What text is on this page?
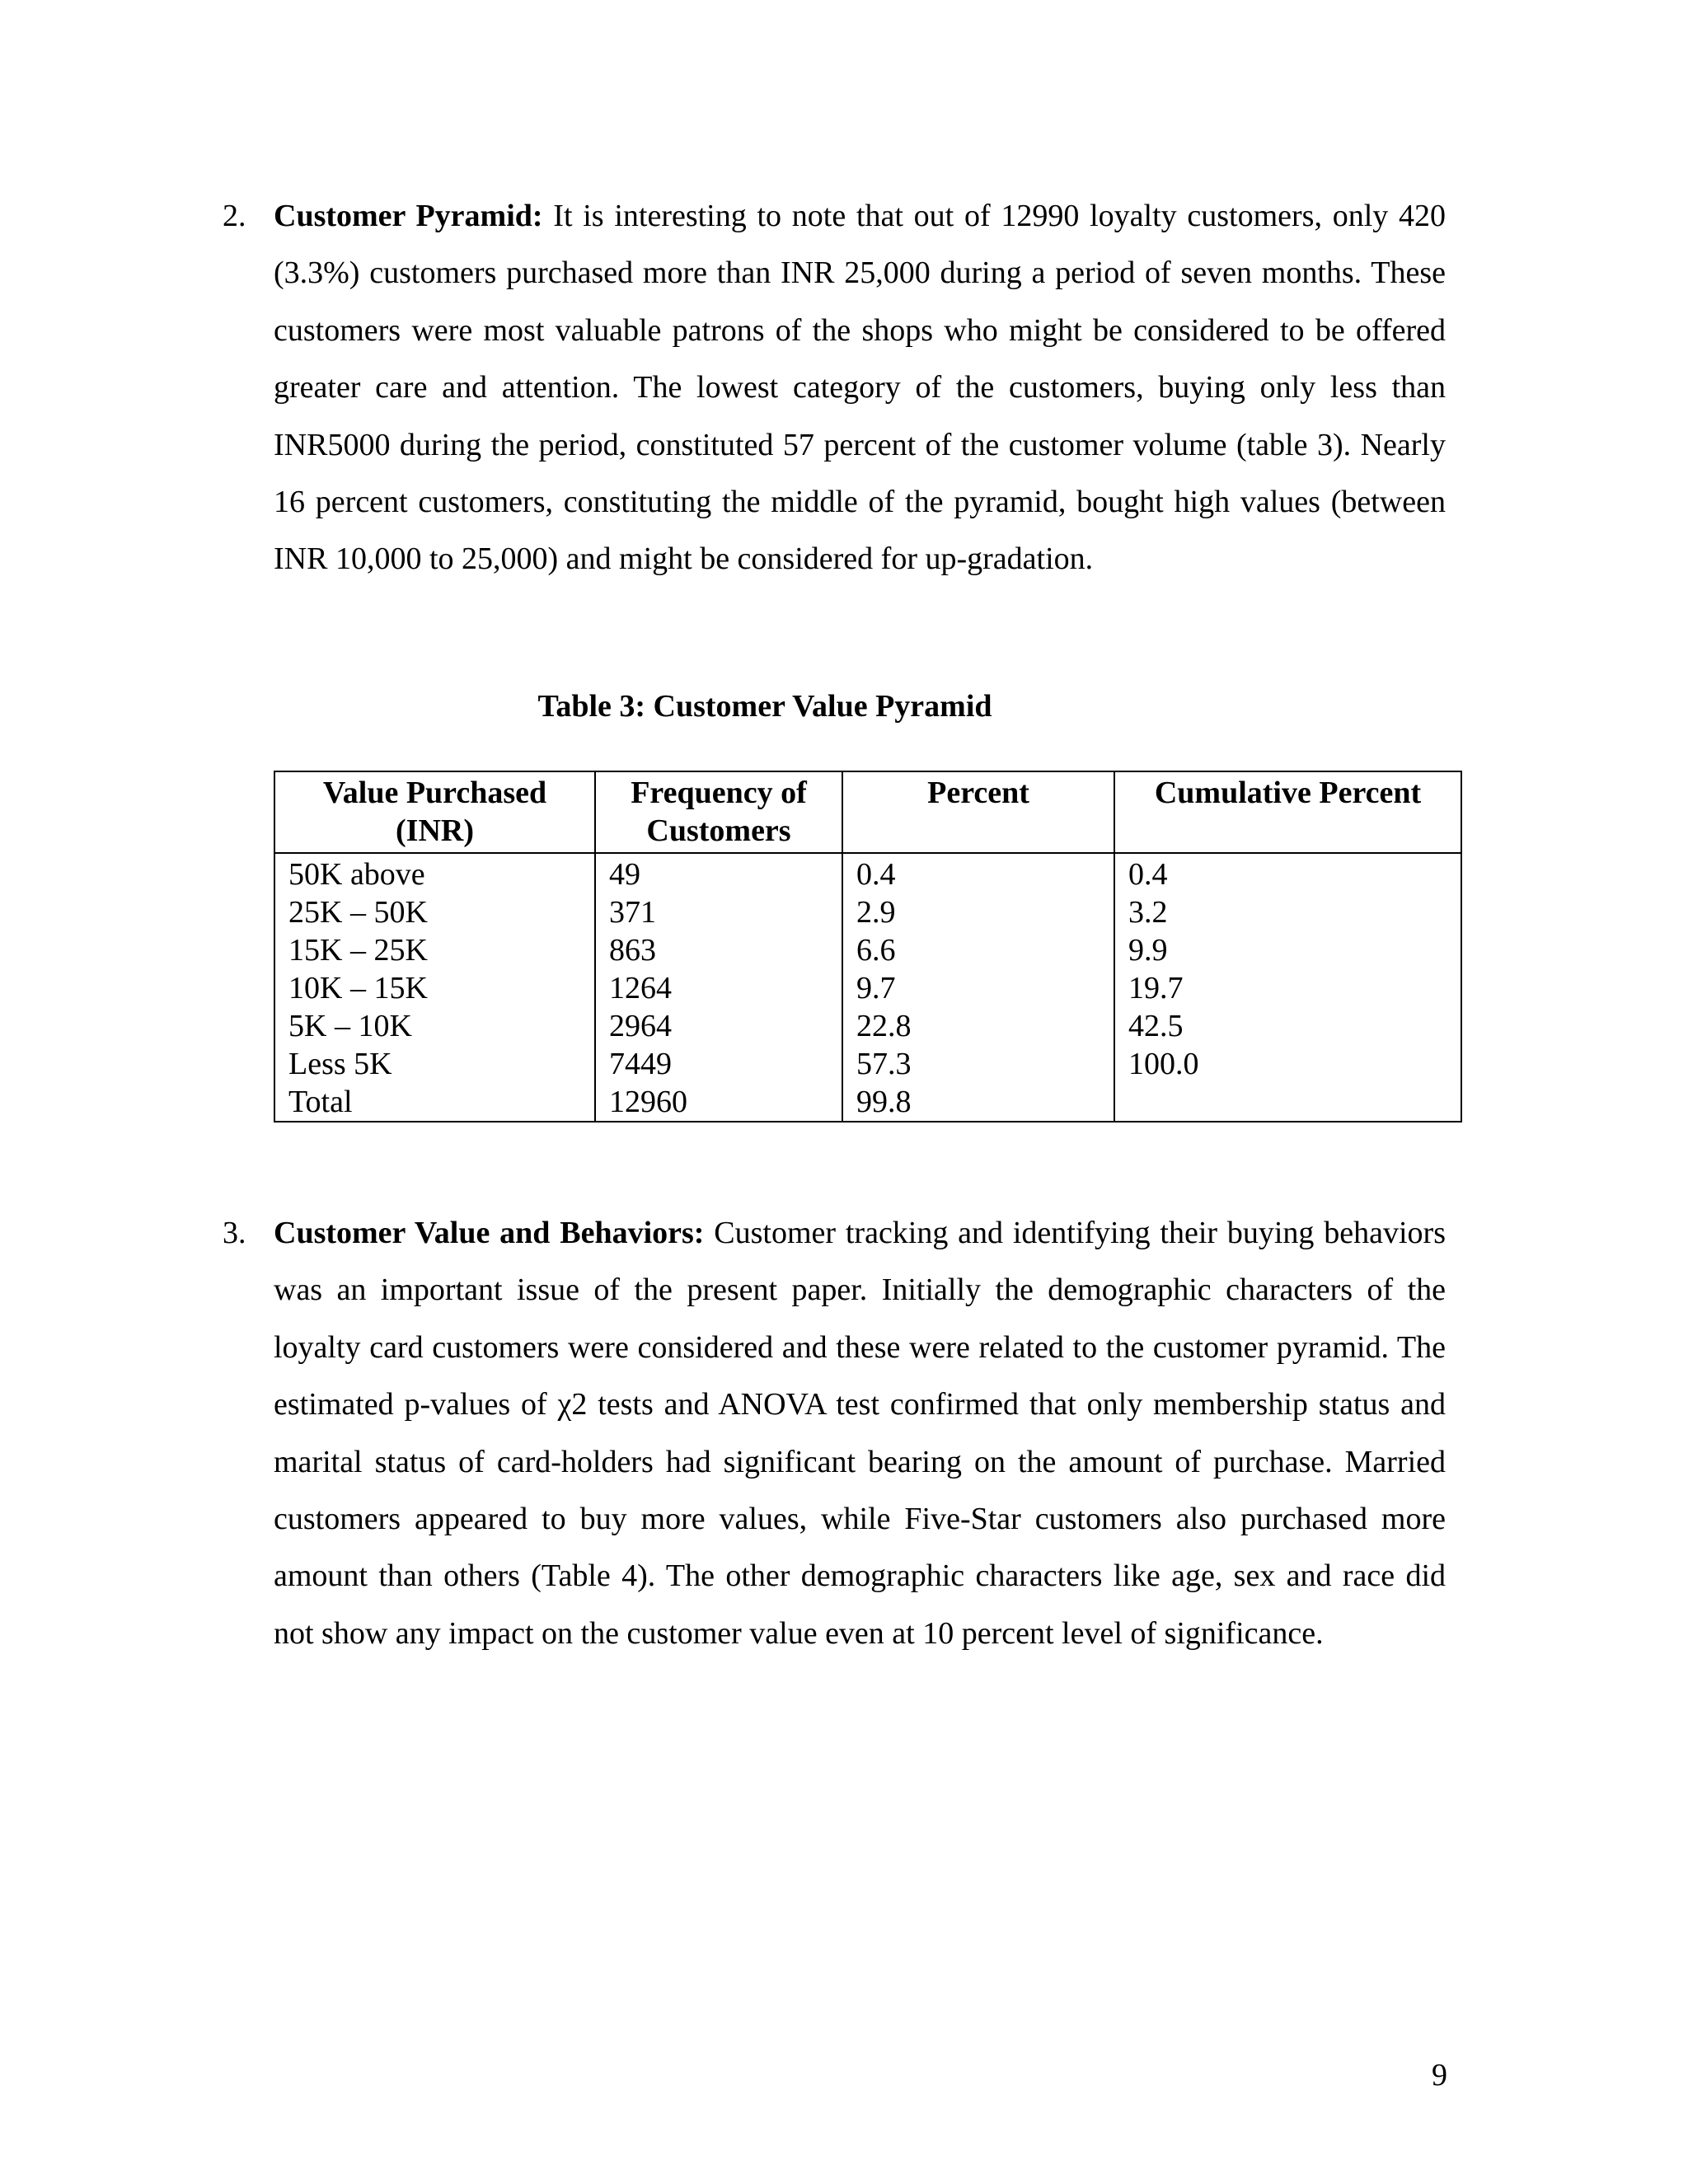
2. Customer Pyramid: It is interesting to note that out of 12990 loyalty customers, only 420 (3.3%) customers purchased more than INR 25,000 during a period of seven months. These customers were most valuable patrons of the shops who might be considered to be offered greater care and attention. The lowest category of the customers, buying only less than INR5000 during the period, constituted 57 percent of the customer volume (table 3). Nearly 16 percent customers, constituting the middle of the pyramid, bought high values (between INR 10,000 to 25,000) and might be considered for up-gradation.

Table 3: Customer Value Pyramid
Value Purchased (INR)	Frequency of Customers	Percent	Cumulative Percent
50K above	49	0.4	0.4
25K – 50K	371	2.9	3.2
15K – 25K	863	6.6	9.9
10K – 15K	1264	9.7	19.7
5K – 10K	2964	22.8	42.5
Less 5K	7449	57.3	100.0
Total	12960	99.8	
3. Customer Value and Behaviors: Customer tracking and identifying their buying behaviors was an important issue of the present paper. Initially the demographic characters of the loyalty card customers were considered and these were related to the customer pyramid. The estimated p-values of χ2 tests and ANOVA test confirmed that only membership status and marital status of card-holders had significant bearing on the amount of purchase. Married customers appeared to buy more values, while Five-Star customers also purchased more amount than others (Table 4). The other demographic characters like age, sex and race did not show any impact on the customer value even at 10 percent level of significance.

9
